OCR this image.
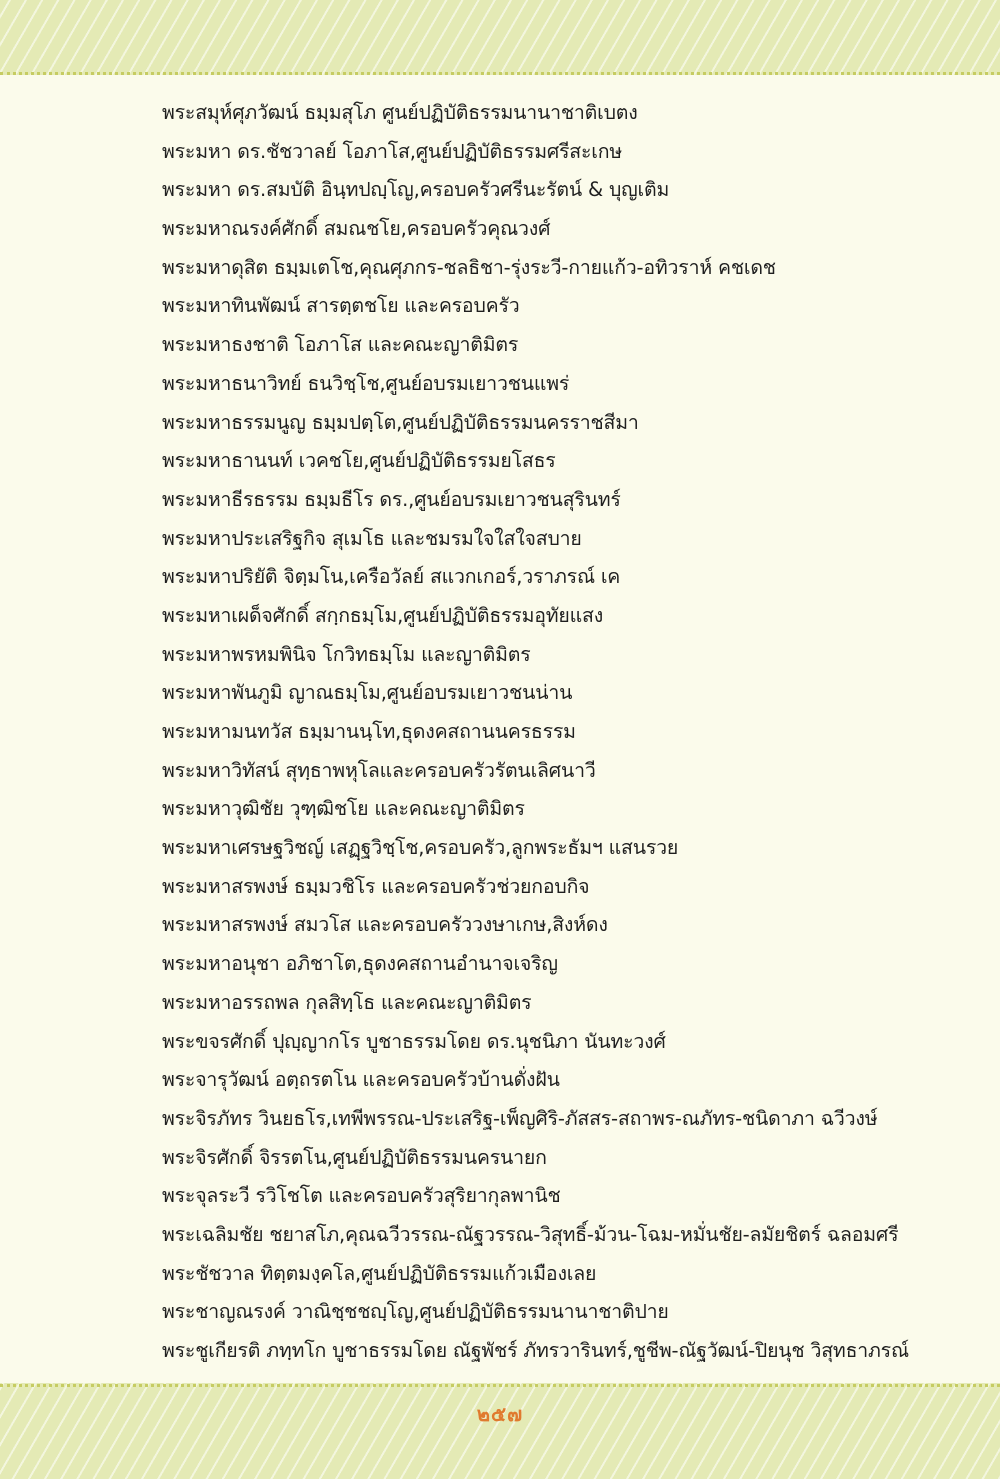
พระสมุห์ศุภวัฒน์ ธมฺมสุโภ ศูนย์ปฏิบัติธรรมนานาชาติเบตง
พระมหา ดร.ชัชวาลย์ โอภาโส,ศูนย์ปฏิบัติธรรมศรีสะเกษ
พระมหา ดร.สมบัติ อินฺทปญฺโญ,ครอบครัวศรีนะรัตน์ & บุญเติม
พระมหาณรงค์ศักดิ์ สมณชโย,ครอบครัวคุณวงศ์
พระมหาดุสิต ธมฺมเตโช,คุณศุภกร-ชลธิชา-รุ่งระวี-กายแก้ว-อทิวราห์ คชเดช
พระมหาทินพัฒน์ สารตฺตชโย และครอบครัว
พระมหาธงชาติ โอภาโส และคณะญาติมิตร
พระมหาธนาวิทย์ ธนวิชฺโช,ศูนย์อบรมเยาวชนแพร่
พระมหาธรรมนูญ ธมฺมปตฺโต,ศูนย์ปฏิบัติธรรมนครราชสีมา
พระมหาธานนท์ เวคชโย,ศูนย์ปฏิบัติธรรมยโสธร
พระมหาธีรธรรม ธมฺมธีโร ดร.,ศูนย์อบรมเยาวชนสุรินทร์
พระมหาประเสริฐกิจ สุเมโธ และชมรมใจใสใจสบาย
พระมหาปริยัติ จิตฺมโน,เครือวัลย์ สแวกเกอร์,วราภรณ์ เค
พระมหาเผด็จศักดิ์ สกฺกธมฺโม,ศูนย์ปฏิบัติธรรมอุทัยแสง
พระมหาพรหมพินิจ โกวิทธมฺโม และญาติมิตร
พระมหาพันภูมิ ญาณธมฺโม,ศูนย์อบรมเยาวชนน่าน
พระมหามนทวัส ธมฺมานนฺโท,ธุดงคสถานนครธรรม
พระมหาวิทัสน์ สุทฺธาพหุโลและครอบครัวรัตนเลิศนาวี
พระมหาวุฒิชัย วุฑฺฒิชโย และคณะญาติมิตร
พระมหาเศรษฐวิชญ์ เสฏฺฐวิชฺโช,ครอบครัว,ลูกพระธัมฯ แสนรวย
พระมหาสรพงษ์ ธมฺมวชิโร และครอบครัวช่วยกอบกิจ
พระมหาสรพงษ์ สมวโส และครอบครัววงษาเกษ,สิงห์ดง
พระมหาอนุชา อภิชาโต,ธุดงคสถานอำนาจเจริญ
พระมหาอรรถพล กุลสิทฺโธ และคณะญาติมิตร
พระขจรศักดิ์ ปุญฺญากโร บูชาธรรมโดย ดร.นุชนิภา นันทะวงศ์
พระจารุวัฒน์ อตฺถรตโน และครอบครัวบ้านดั่งฝัน
พระจิรภัทร วินยธโร,เทพีพรรณ-ประเสริฐ-เพ็ญศิริ-ภัสสร-สถาพร-ณภัทร-ชนิดาภา ฉวีวงษ์
พระจิรศักดิ์ จิรรตโน,ศูนย์ปฏิบัติธรรมนครนายก
พระจุลระวี รวิโชโต และครอบครัวสุริยากุลพานิช
พระเฉลิมชัย ชยาสโภ,คุณฉวีวรรณ-ณัฐวรรณ-วิสุทธิ์-ม้วน-โฉม-หมั่นชัย-ลมัยชิตร์ ฉลอมศรี
พระชัชวาล ทิตฺตมงฺคโล,ศูนย์ปฏิบัติธรรมแก้วเมืองเลย
พระชาญณรงค์ วาณิชฺชชญฺโญ,ศูนย์ปฏิบัติธรรมนานาชาติปาย
พระชูเกียรติ ภทฺทโก บูชาธรรมโดย ณัฐพัชร์ ภัทรวารินทร์,ชูชีพ-ณัฐวัฒน์-ปิยนุช วิสุทธาภรณ์
๒๕๗
